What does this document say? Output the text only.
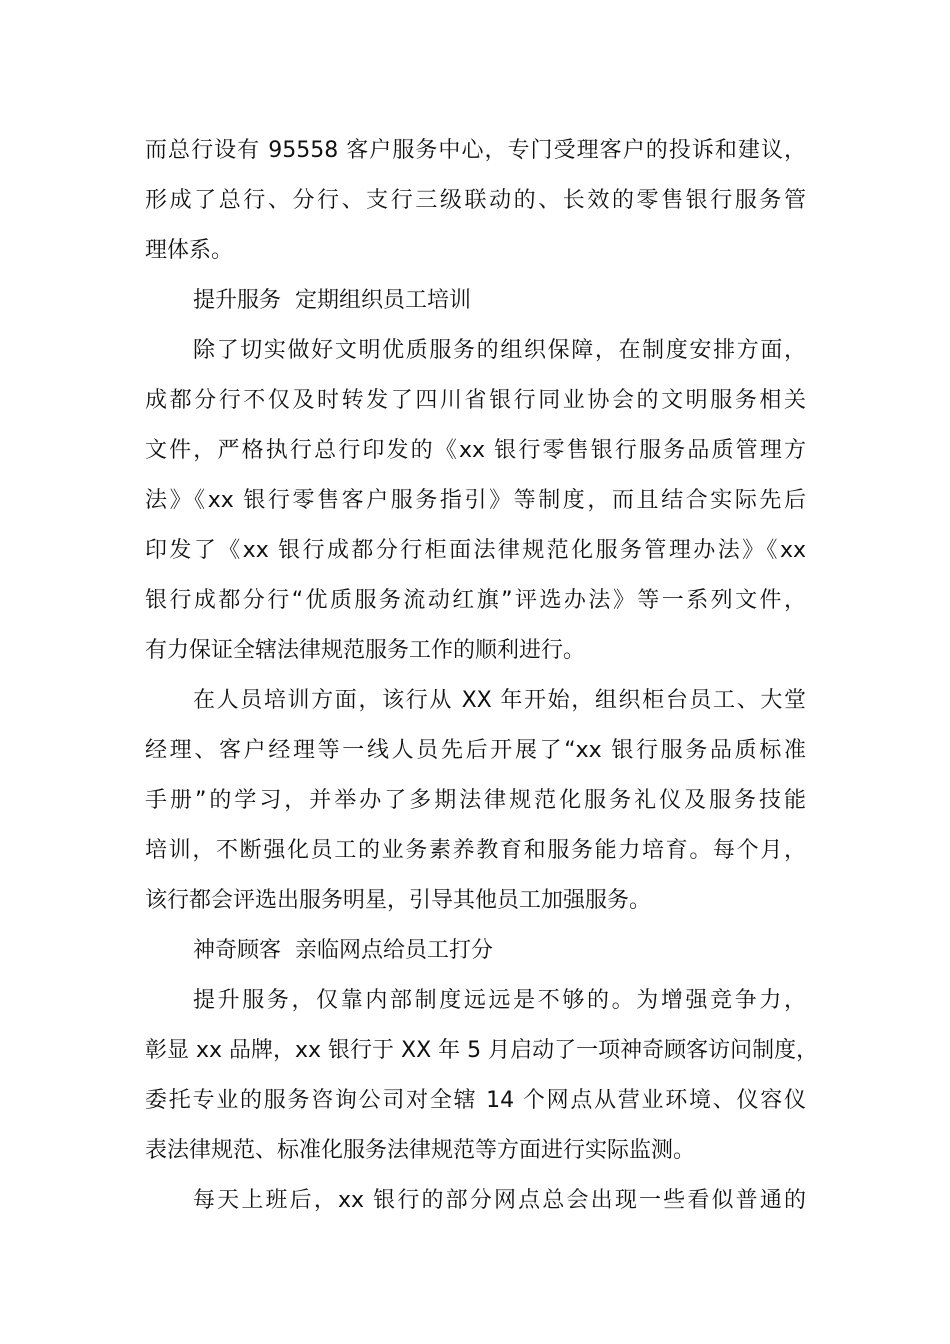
而总行设有 95558 客户服务中心，专门受理客户的投诉和建议，
形成了总行、分行、支行三级联动的、长效的零售银行服务管
理体系。
提升服务  定期组织员工培训
除了切实做好文明优质服务的组织保障，在制度安排方面，
成都分行不仅及时转发了四川省银行同业协会的文明服务相关
文件，严格执行总行印发的《xx 银行零售银行服务品质管理方
法》《xx 银行零售客户服务指引》等制度，而且结合实际先后
印发了《xx 银行成都分行柜面法律规范化服务管理办法》《xx
银行成都分行“优质服务流动红旗”评选办法》等一系列文件，
有力保证全辖法律规范服务工作的顺利进行。
在人员培训方面，该行从 XX 年开始，组织柜台员工、大堂
经理、客户经理等一线人员先后开展了“xx 银行服务品质标准
手册”的学习，并举办了多期法律规范化服务礼仪及服务技能
培训，不断强化员工的业务素养教育和服务能力培育。每个月，
该行都会评选出服务明星，引导其他员工加强服务。
神奇顾客  亲临网点给员工打分
提升服务，仅靠内部制度远远是不够的。为增强竞争力，
彰显 xx 品牌，xx 银行于 XX 年 5 月启动了一项神奇顾客访问制度，
委托专业的服务咨询公司对全辖 14 个网点从营业环境、仪容仪
表法律规范、标准化服务法律规范等方面进行实际监测。
每天上班后，xx 银行的部分网点总会出现一些看似普通的
